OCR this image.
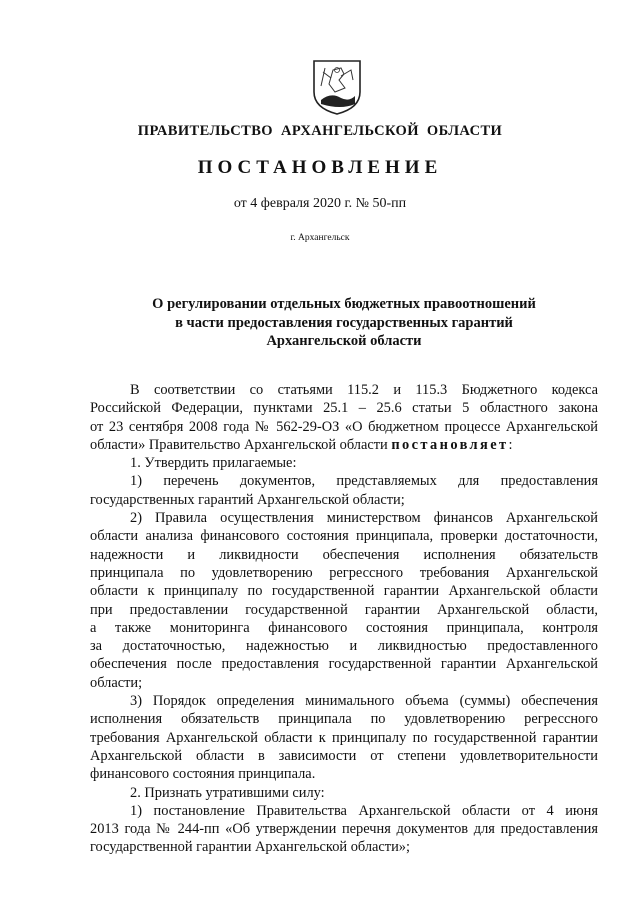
ПРАВИТЕЛЬСТВО АРХАНГЕЛЬСКОЙ ОБЛАСТИ
ПОСТАНОВЛЕНИЕ
от 4 февраля 2020 г. № 50-пп
г. Архангельск
О регулировании отдельных бюджетных правоотношений
в части предоставления государственных гарантий
Архангельской области
В соответствии со статьями 115.2 и 115.3 Бюджетного кодекса
Российской Федерации, пунктами 25.1 – 25.6 статьи 5 областного закона
от 23 сентября 2008 года № 562-29-ОЗ «О бюджетном процессе Архангельской
области» Правительство Архангельской области постановляет:
1. Утвердить прилагаемые:
1) перечень документов, представляемых для предоставления
государственных гарантий Архангельской области;
2) Правила осуществления министерством финансов Архангельской
области анализа финансового состояния принципала, проверки достаточности,
надежности и ликвидности обеспечения исполнения обязательств
принципала по удовлетворению регрессного требования Архангельской
области к принципалу по государственной гарантии Архангельской области
при предоставлении государственной гарантии Архангельской области,
а также мониторинга финансового состояния принципала, контроля
за достаточностью, надежностью и ликвидностью предоставленного
обеспечения после предоставления государственной гарантии Архангельской
области;
3) Порядок определения минимального объема (суммы) обеспечения
исполнения обязательств принципала по удовлетворению регрессного
требования Архангельской области к принципалу по государственной гарантии
Архангельской области в зависимости от степени удовлетворительности
финансового состояния принципала.
2. Признать утратившими силу:
1) постановление Правительства Архангельской области от 4 июня
2013 года № 244-пп «Об утверждении перечня документов для предоставления
государственной гарантии Архангельской области»;
